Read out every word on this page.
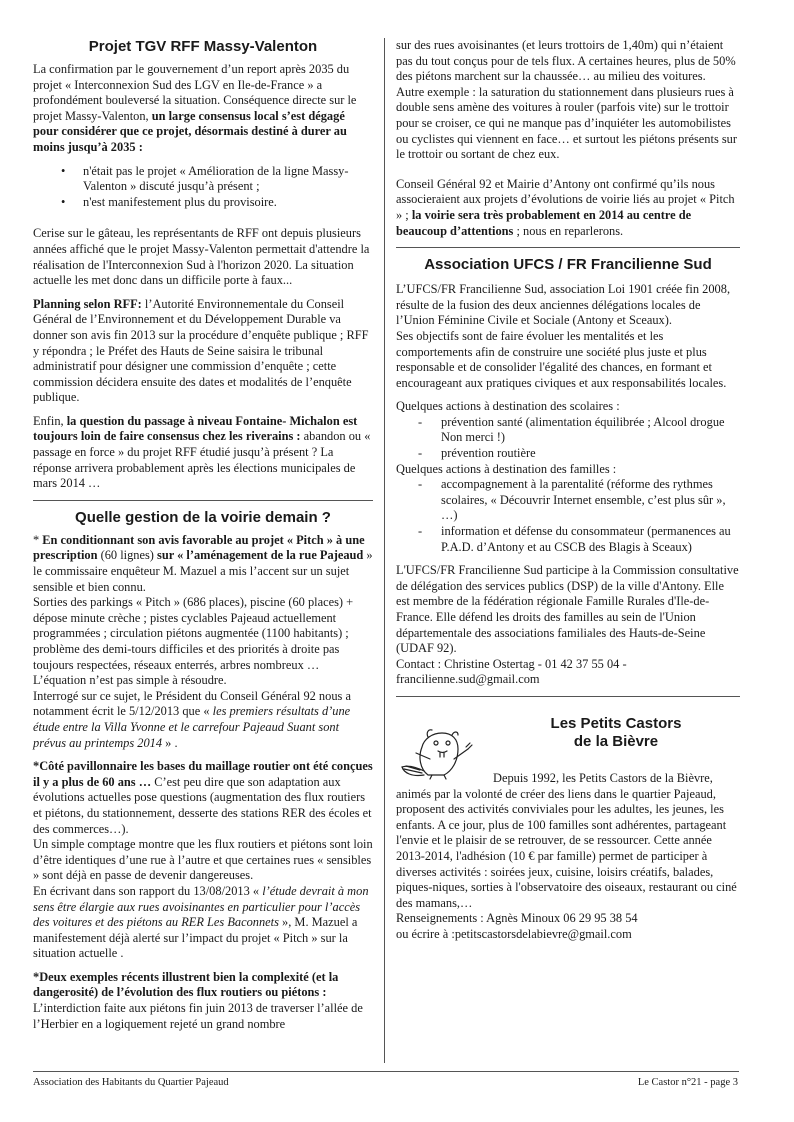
Projet TGV RFF Massy-Valenton

La confirmation par le gouvernement d’un report après 2035 du projet « Interconnexion Sud des LGV en Ile-de-France » a profondément bouleversé la situation. Conséquence directe sur le projet Massy-Valenton, un large consensus local s’est dégagé pour considérer que ce projet, désormais destiné à durer au moins jusqu’à 2035 :

• n'était pas le projet « Amélioration de la ligne Massy- Valenton » discuté jusqu’à présent ;
• n'est manifestement plus du provisoire.

Cerise sur le gâteau, les représentants de RFF ont depuis plusieurs années affiché que le projet Massy-Valenton permettait d'attendre la réalisation de l'Interconnexion Sud à l'horizon 2020. La situation actuelle les met donc dans un difficile porte à faux...

Planning selon RFF: l’Autorité Environnementale du Conseil Général de l’Environnement et du Développement Durable va donner son avis fin 2013 sur la procédure d’enquête publique ; RFF y répondra ; le Préfet des Hauts de Seine saisira le tribunal administratif pour désigner une commission d’enquête ; cette commission décidera ensuite des dates et modalités de l’enquête publique.

Enfin, la question du passage à niveau Fontaine- Michalon est toujours loin de faire consensus chez les riverains : abandon ou « passage en force » du projet RFF étudié jusqu’à présent ? La réponse arrivera probablement après les élections municipales de mars 2014 …

Quelle gestion de la voirie demain ?

* En conditionnant son avis favorable au projet « Pitch » à une prescription (60 lignes) sur « l’aménagement de la rue Pajeaud » le commissaire enquêteur M. Mazuel a mis l’accent sur un sujet sensible et bien connu.
Sorties des parkings « Pitch » (686 places), piscine (60 places) + dépose minute crèche ; pistes cyclables Pajeaud actuellement programmées ; circulation piétons augmentée (1100 habitants) ; problème des demi-tours difficiles et des priorités à droite pas toujours respectées, réseaux enterrés, arbres nombreux … L’équation n’est pas simple à résoudre.
Interrogé sur ce sujet, le Président du Conseil Général 92 nous a notamment écrit le 5/12/2013 que « les premiers résultats d’une étude entre la Villa Yvonne et le carrefour Pajeaud Suant sont prévus au printemps 2014 » .

*Côté pavillonnaire les bases du maillage routier ont été conçues il y a plus de 60 ans … C’est peu dire que son adaptation aux évolutions actuelles pose questions (augmentation des flux routiers et piétons, du stationnement, desserte des stations RER des écoles et des commerces…).
Un simple comptage montre que les flux routiers et piétons sont loin d’être identiques d’une rue à l’autre et que certaines rues « sensibles » sont déjà en passe de devenir dangereuses.
En écrivant dans son rapport du 13/08/2013 « l’étude devrait à mon sens être élargie aux rues avoisinantes en particulier pour l’accès des voitures et des piétons au RER Les Baconnets », M. Mazuel a manifestement déjà alerté sur l’impact du projet « Pitch » sur la situation actuelle .

*Deux exemples récents illustrent bien la complexité (et la dangerosité) de l’évolution des flux routiers ou piétons :
L’interdiction faite aux piétons fin juin 2013 de traverser l’allée de l’Herbier en a logiquement rejeté un grand nombre

sur des rues avoisinantes (et leurs trottoirs de 1,40m) qui n’étaient pas du tout conçus pour de tels flux. A certaines heures, plus de 50% des piétons marchent sur la chaussée… au milieu des voitures.

Autre exemple : la saturation du stationnement dans plusieurs rues à double sens amène des voitures à rouler (parfois vite) sur le trottoir pour se croiser, ce qui ne manque pas d’inquiéter les automobilistes ou cyclistes qui viennent en face… et surtout les piétons présents sur le trottoir ou sortant de chez eux.

Conseil Général 92 et Mairie d’Antony ont confirmé qu’ils nous associeraient aux projets d’évolutions de voirie liés au projet « Pitch » ; la voirie sera très probablement en 2014 au centre de beaucoup d’attentions ; nous en reparlerons.

Association UFCS / FR Francilienne Sud

L’UFCS/FR Francilienne Sud, association Loi 1901 créée fin 2008, résulte de la fusion des deux anciennes délégations locales de l’Union Féminine Civile et Sociale (Antony et Sceaux).

Ses objectifs sont de faire évoluer les mentalités et les comportements afin de construire une société plus juste et plus responsable et de consolider l'égalité des chances, en formant et encourageant aux pratiques civiques et aux responsabilités locales.

Quelques actions à destination des scolaires :

- prévention santé (alimentation équilibrée ; Alcool drogue Non merci !)
- prévention routière

Quelques actions à destination des familles :

- accompagnement à la parentalité (réforme des rythmes scolaires, « Découvrir Internet ensemble, c’est plus sûr », …)
- information et défense du consommateur (permanences au P.A.D. d’Antony et au CSCB des Blagis à Sceaux)

L'UFCS/FR Francilienne Sud participe à la Commission consultative de délégation des services publics (DSP) de la ville d'Antony. Elle est membre de la fédération régionale Famille Rurales d'Ile-de-France. Elle défend les droits des familles au sein de l'Union départementale des associations familiales des Hauts-de-Seine (UDAF 92).

Contact : Christine Ostertag - 01 42 37 55 04 - francilienne.sud@gmail.com

Les Petits Castors
de la Bièvre

Depuis 1992, les Petits Castors de la Bièvre, animés par la volonté de créer des liens dans le quartier Pajeaud, proposent des activités conviviales pour les adultes, les jeunes, les enfants. A ce jour, plus de 100 familles sont adhérentes, partageant l'envie et le plaisir de se retrouver, de se ressourcer. Cette année 2013-2014, l'adhésion (10 € par famille) permet de participer à diverses activités : soirées jeux, cuisine, loisirs créatifs, balades, piques-niques, sorties à l'observatoire des oiseaux, restaurant ou ciné des mamans,…

Renseignements : Agnès Minoux 06 29 95 38 54

ou écrire à :petitscastorsdelabievre@gmail.com

Association des Habitants du Quartier Pajeaud	Le Castor n°21 - page 3
